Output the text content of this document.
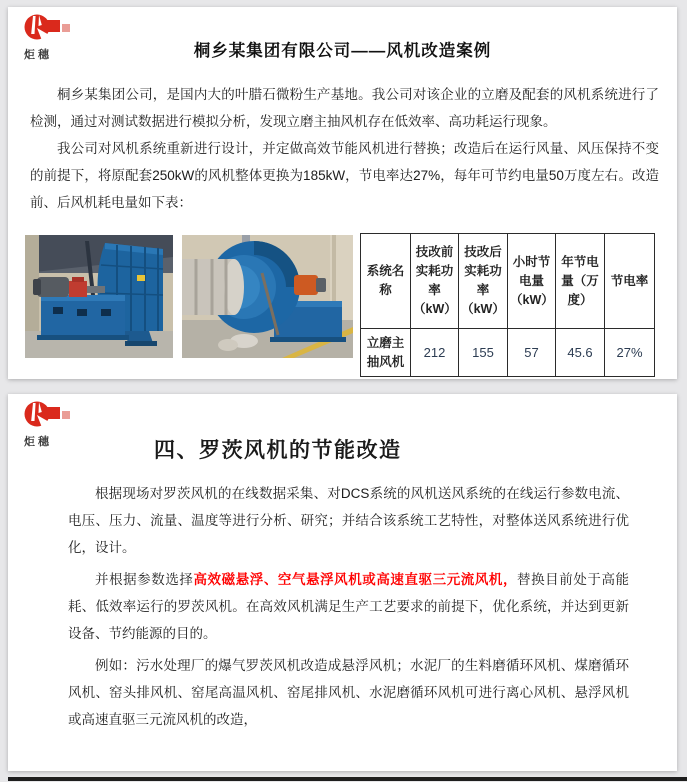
炬穗	桐乡某集团有限公司——风机改造案例

桐乡某集团公司，是国内大的叶腊石微粉生产基地。我公司对该企业的立磨及配套的风机系统进行了检测，通过对测试数据进行模拟分析，发现立磨主抽风机存在低效率、高功耗运行现象。

我公司对风机系统重新进行设计，并定做高效节能风机进行替换；改造后在运行风量、风压保持不变的前提下，将原配套250kW的风机整体更换为185kW，节电率达27%，每年可节约电量50万度左右。改造前、后风机耗电量如下表：

系统名称	技改前实耗功率（kW）	技改后实耗功率（kW）	小时节电量（kW）	年节电量（万度）	节电率
立磨主抽风机	212	155	57	45.6	27%
炬穗	四、罗茨风机的节能改造

根据现场对罗茨风机的在线数据采集、对DCS系统的风机送风系统的在线运行参数电流、电压、压力、流量、温度等进行分析、研究；并结合该系统工艺特性，对整体送风系统进行优化，设计。

并根据参数选择高效磁悬浮、空气悬浮风机或高速直驱三元流风机，替换目前处于高能耗、低效率运行的罗茨风机。在高效风机满足生产工艺要求的前提下，优化系统，并达到更新设备、节约能源的目的。

例如：污水处理厂的爆气罗茨风机改造成悬浮风机；水泥厂的生料磨循环风机、煤磨循环风机、窑头排风机、窑尾高温风机、窑尾排风机、水泥磨循环风机可进行离心风机、悬浮风机或高速直驱三元流风机的改造，
